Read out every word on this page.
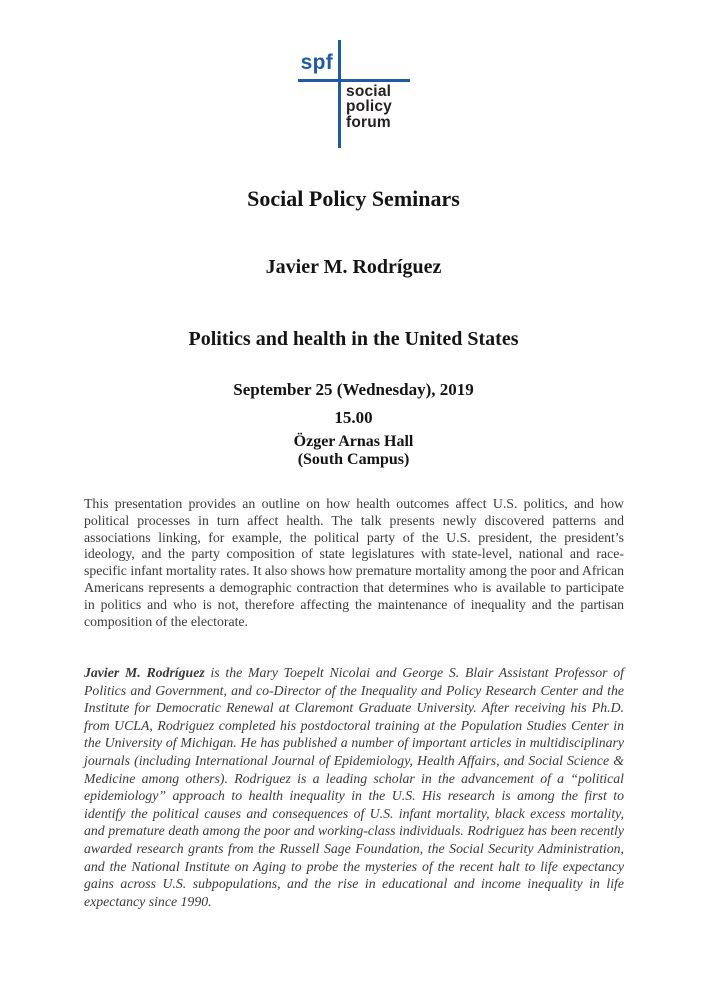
spf
social
policy
forum
Social Policy Seminars
Javier M. Rodríguez
Politics and health in the United States
September 25 (Wednesday), 2019
15.00
Özger Arnas Hall
(South Campus)

This presentation provides an outline on how health outcomes affect U.S. politics, and how political processes in turn affect health. The talk presents newly discovered patterns and associations linking, for example, the political party of the U.S. president, the president’s ideology, and the party composition of state legislatures with state-level, national and race-specific infant mortality rates. It also shows how premature mortality among the poor and African Americans represents a demographic contraction that determines who is available to participate in politics and who is not, therefore affecting the maintenance of inequality and the partisan composition of the electorate.

Javier M. Rodríguez is the Mary Toepelt Nicolai and George S. Blair Assistant Professor of Politics and Government, and co-Director of the Inequality and Policy Research Center and the Institute for Democratic Renewal at Claremont Graduate University. After receiving his Ph.D. from UCLA, Rodriguez completed his postdoctoral training at the Population Studies Center in the University of Michigan. He has published a number of important articles in multidisciplinary journals (including International Journal of Epidemiology, Health Affairs, and Social Science & Medicine among others). Rodriguez is a leading scholar in the advancement of a “political epidemiology” approach to health inequality in the U.S. His research is among the first to identify the political causes and consequences of U.S. infant mortality, black excess mortality, and premature death among the poor and working-class individuals. Rodriguez has been recently awarded research grants from the Russell Sage Foundation, the Social Security Administration, and the National Institute on Aging to probe the mysteries of the recent halt to life expectancy gains across U.S. subpopulations, and the rise in educational and income inequality in life expectancy since 1990.
